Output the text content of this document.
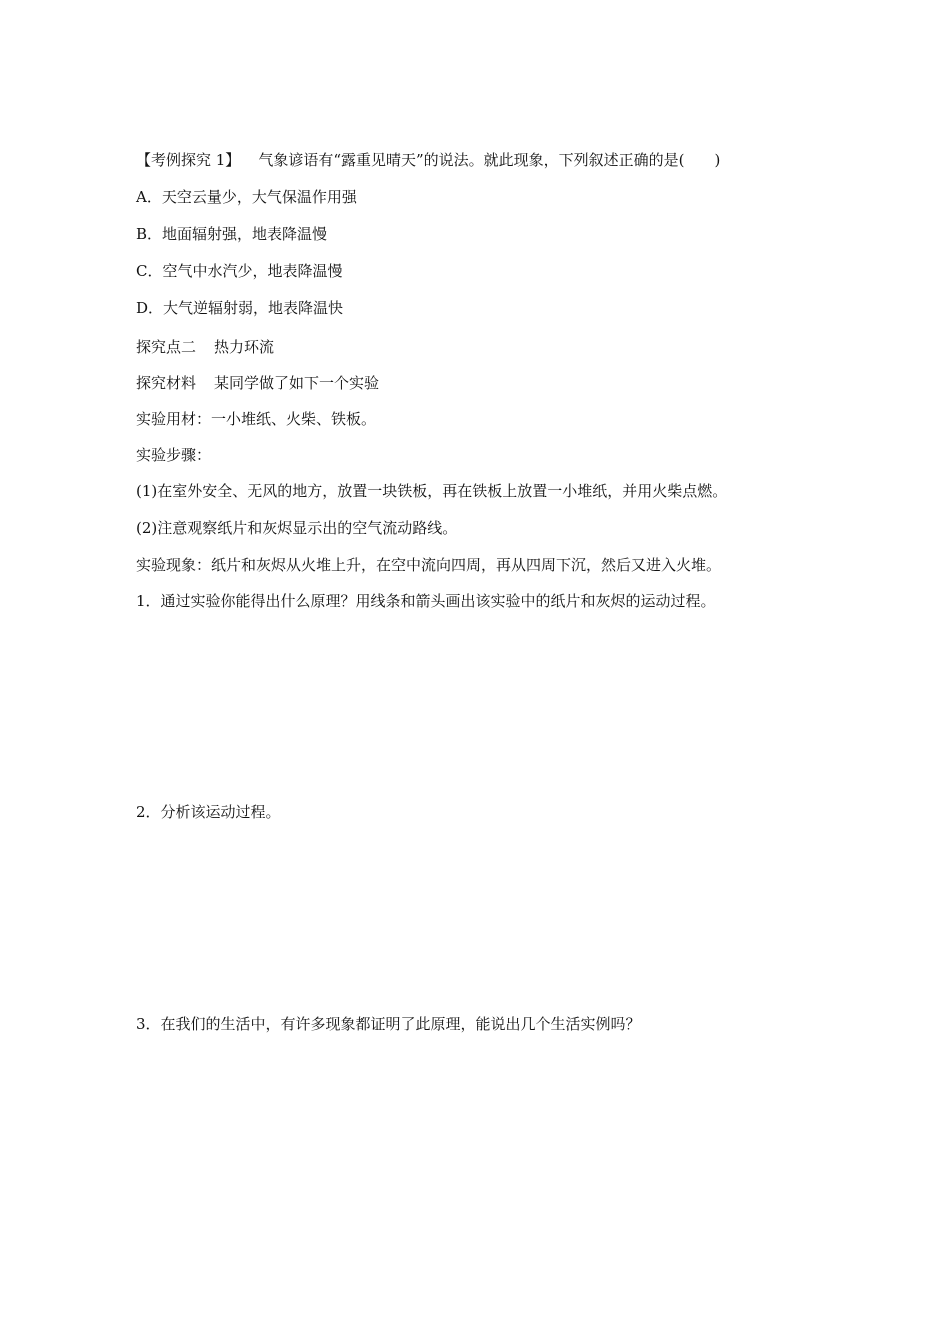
【考例探究 1】 气象谚语有“露重见晴天”的说法。就此现象，下列叙述正确的是(　　)
A．天空云量少，大气保温作用强
B．地面辐射强，地表降温慢
C．空气中水汽少，地表降温慢
D．大气逆辐射弱，地表降温快
探究点二 热力环流
探究材料 某同学做了如下一个实验
实验用材：一小堆纸、火柴、铁板。
实验步骤：
(1)在室外安全、无风的地方，放置一块铁板，再在铁板上放置一小堆纸，并用火柴点燃。
(2)注意观察纸片和灰烬显示出的空气流动路线。
实验现象：纸片和灰烬从火堆上升，在空中流向四周，再从四周下沉，然后又进入火堆。
1．通过实验你能得出什么原理？用线条和箭头画出该实验中的纸片和灰烬的运动过程。
2．分析该运动过程。
3．在我们的生活中，有许多现象都证明了此原理，能说出几个生活实例吗？
